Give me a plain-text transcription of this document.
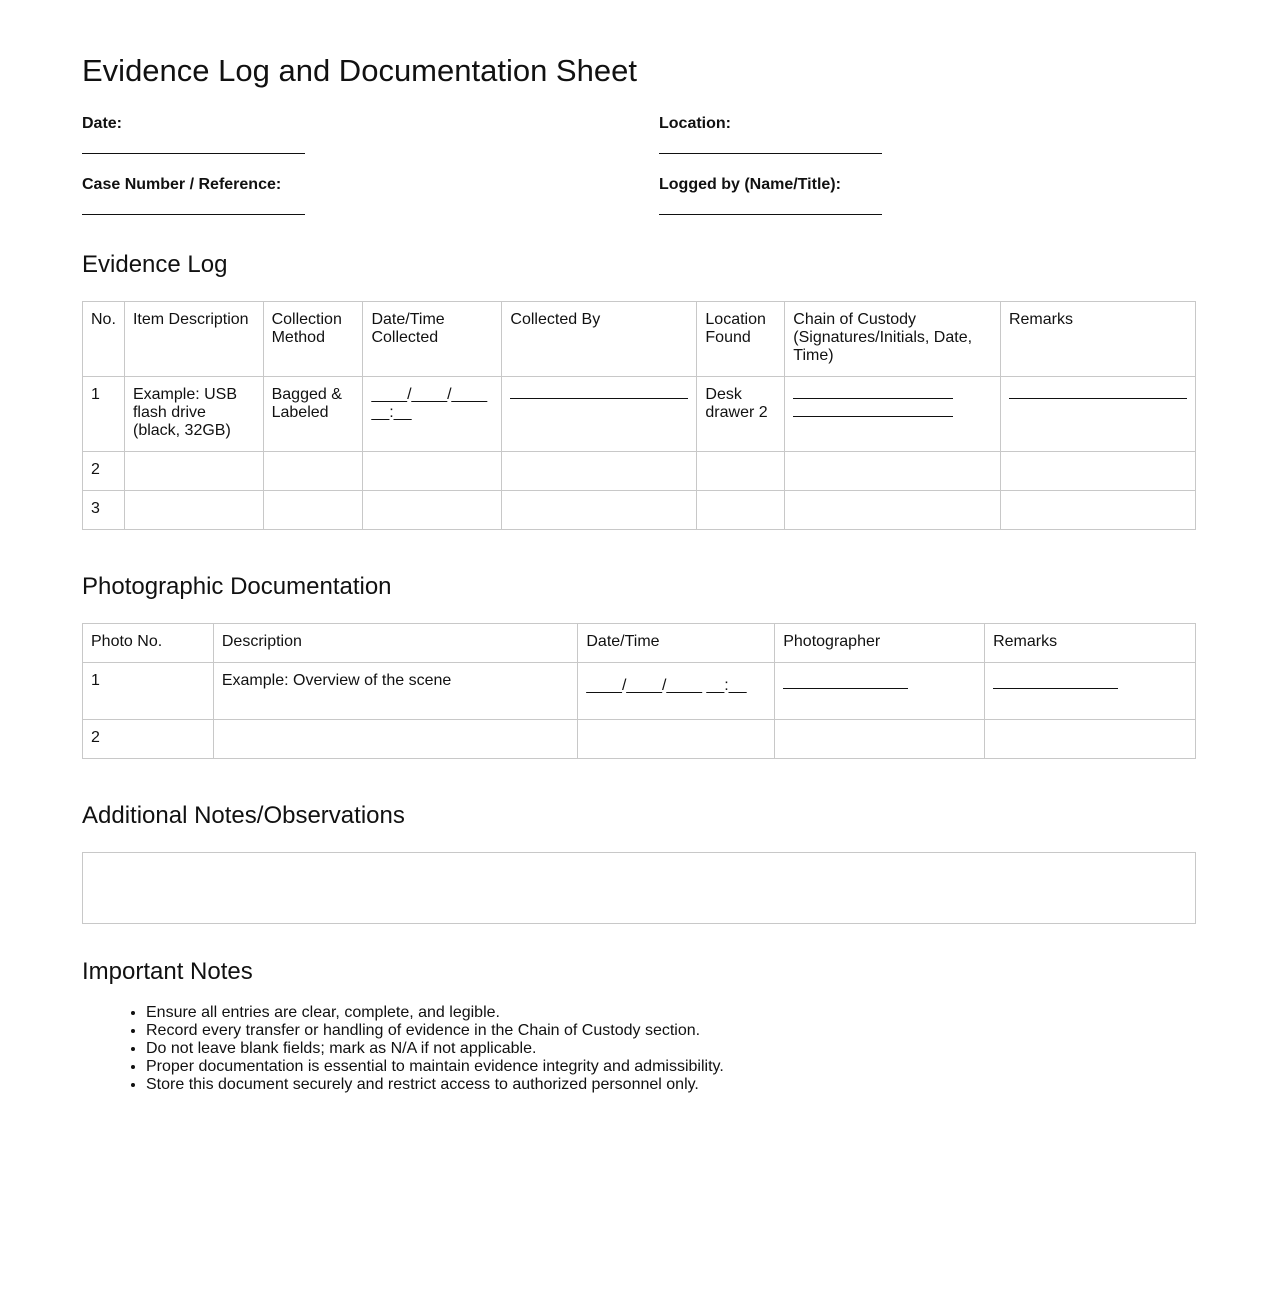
Evidence Log and Documentation Sheet
Date:	Location:
Case Number / Reference:	Logged by (Name/Title):
Evidence Log
No.	Item Description	Collection Method	Date/Time Collected	Collected By	Location Found	Chain of Custody (Signatures/Initials, Date, Time)	Remarks
1	Example: USB flash drive (black, 32GB)	Bagged & Labeled	____/____/____ __:__		Desk drawer 2	

2							
3							
Photographic Documentation
Photo No.	Description	Date/Time	Photographer	Remarks
1	Example: Overview of the scene	____/____/____ __:__		
2				
Additional Notes/Observations
Important Notes
• Ensure all entries are clear, complete, and legible.
• Record every transfer or handling of evidence in the Chain of Custody section.
• Do not leave blank fields; mark as N/A if not applicable.
• Proper documentation is essential to maintain evidence integrity and admissibility.
• Store this document securely and restrict access to authorized personnel only.
